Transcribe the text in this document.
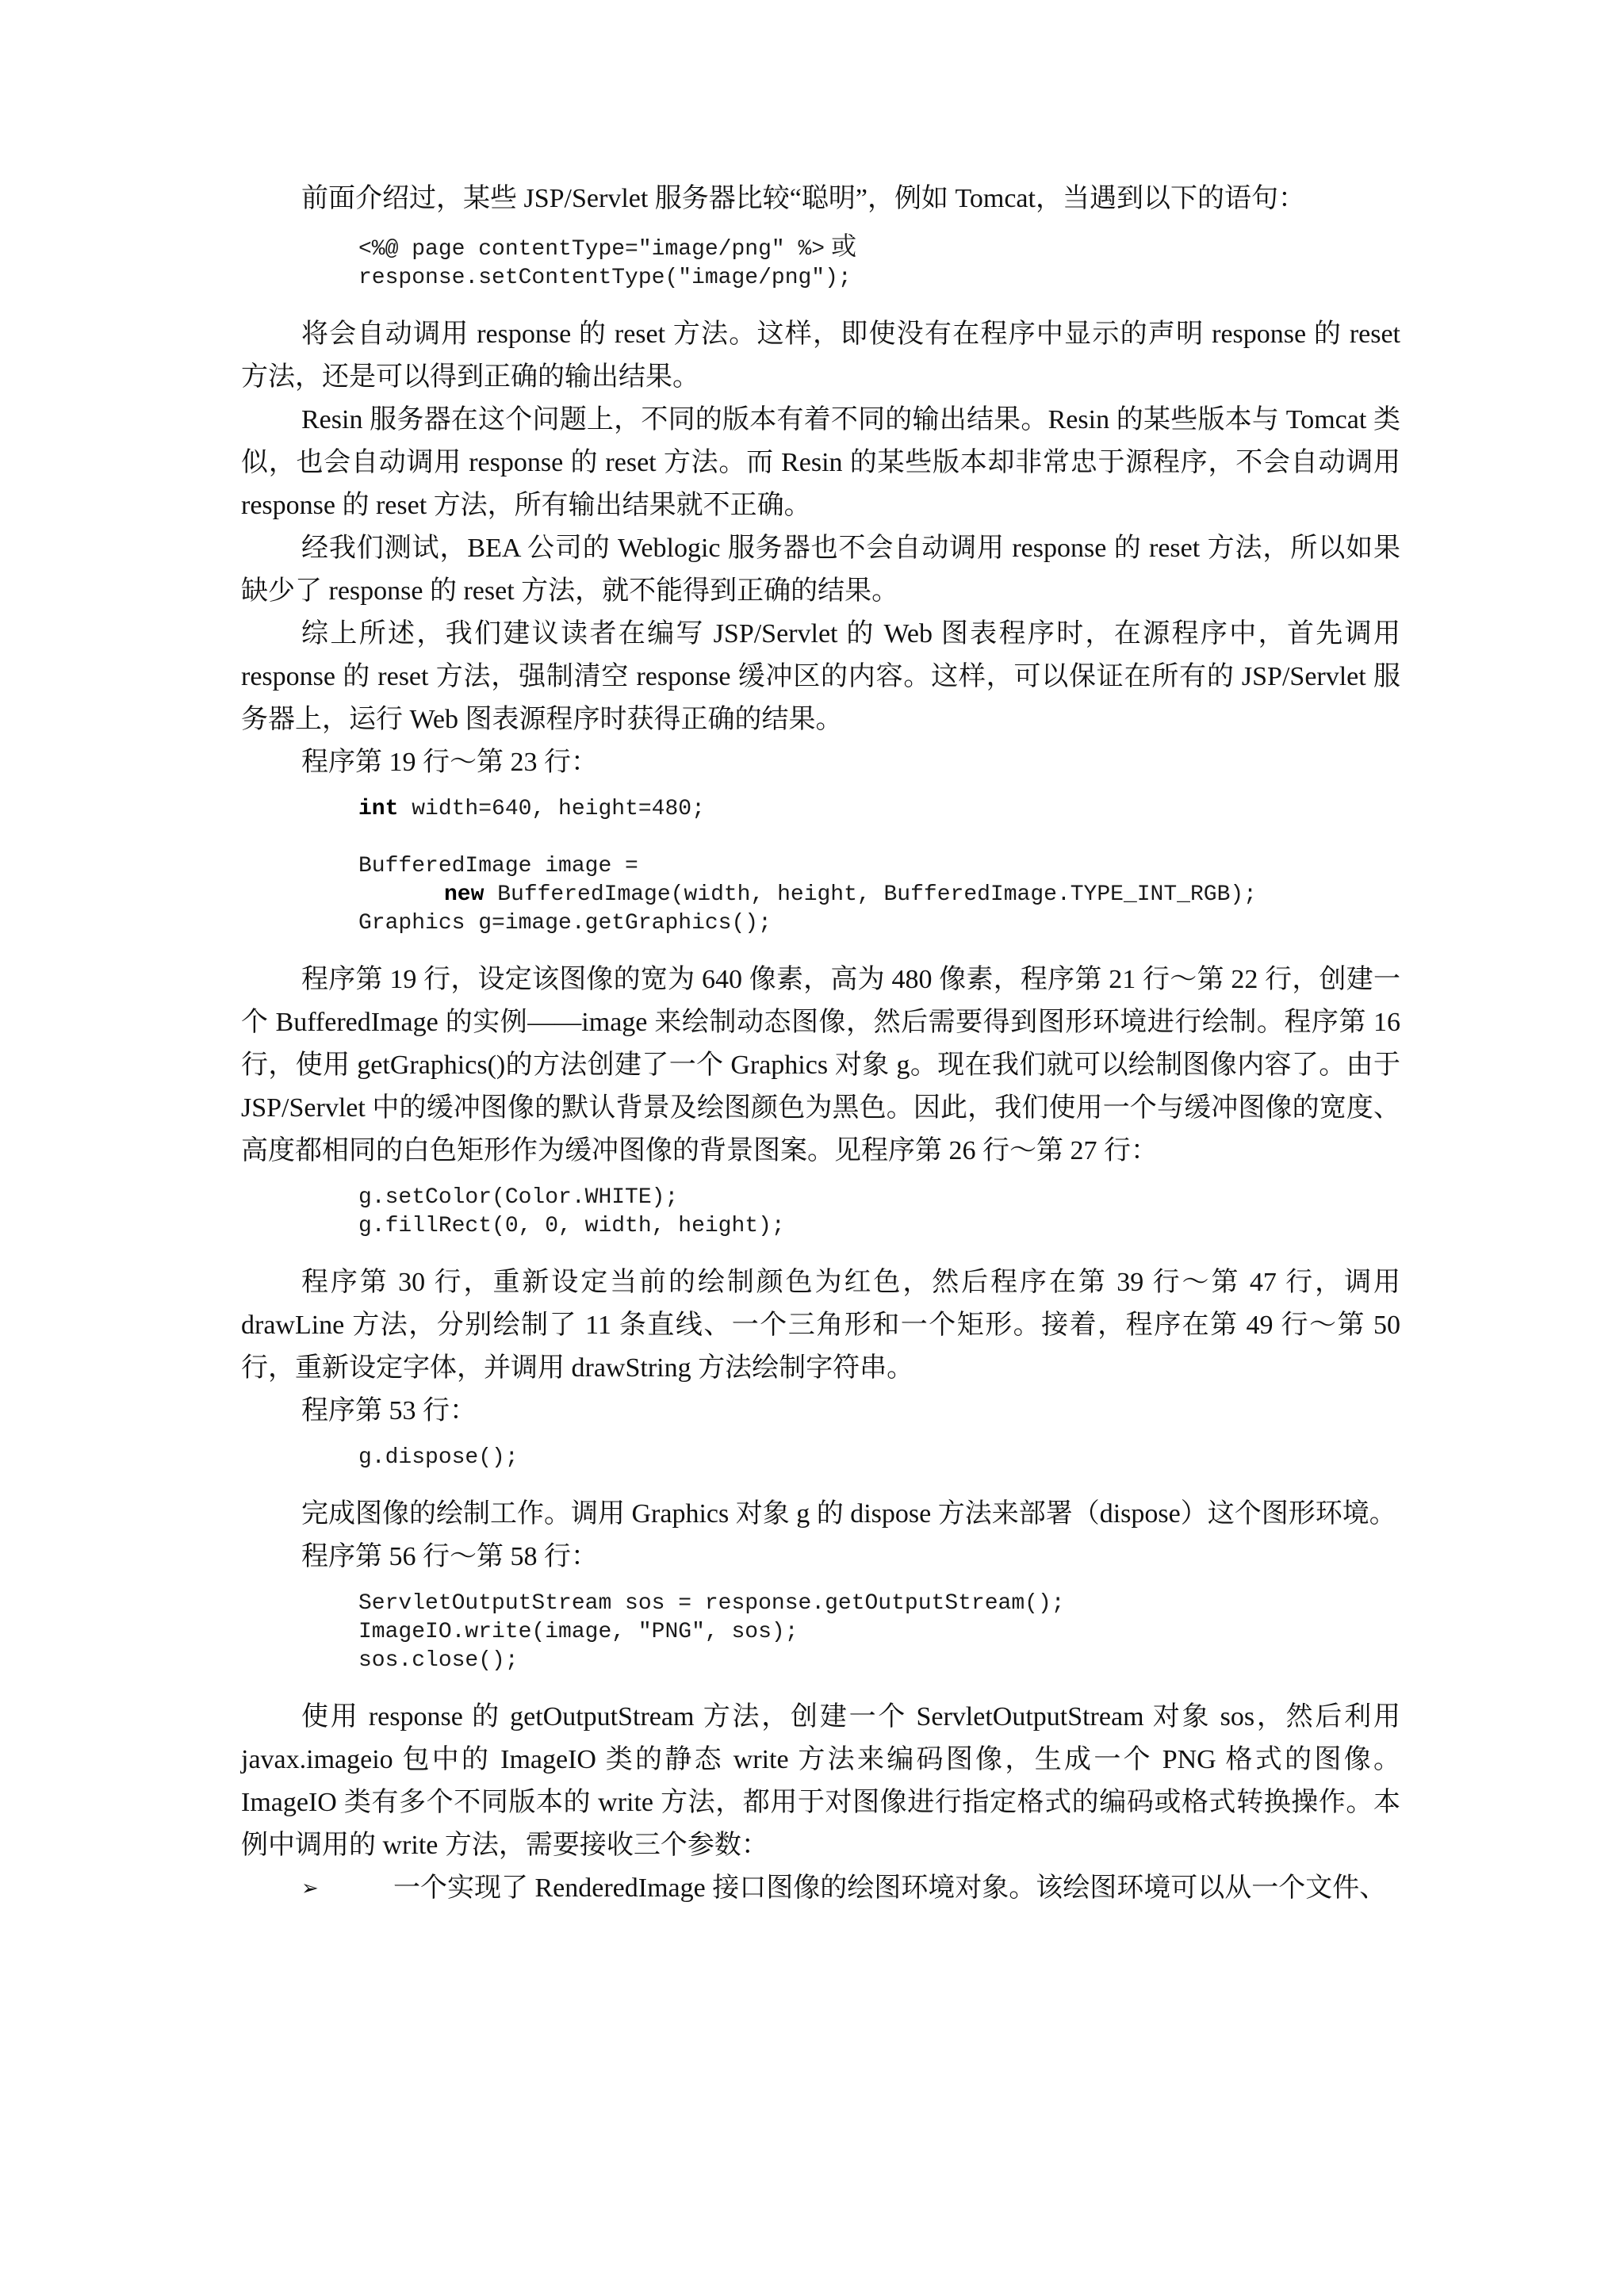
前面介绍过，某些 JSP/Servlet 服务器比较“聪明”，例如 Tomcat，当遇到以下的语句：

<%@ page contentType="image/png" %> 或
response.setContentType("image/png");

将会自动调用 response 的 reset 方法。这样，即使没有在程序中显示的声明 response 的 reset 方法，还是可以得到正确的输出结果。

Resin 服务器在这个问题上，不同的版本有着不同的输出结果。Resin 的某些版本与 Tomcat 类似，也会自动调用 response 的 reset 方法。而 Resin 的某些版本却非常忠于源程序，不会自动调用 response 的 reset 方法，所有输出结果就不正确。

经我们测试，BEA 公司的 Weblogic 服务器也不会自动调用 response 的 reset 方法，所以如果缺少了 response 的 reset 方法，就不能得到正确的结果。

综上所述，我们建议读者在编写 JSP/Servlet 的 Web 图表程序时，在源程序中，首先调用 response 的 reset 方法，强制清空 response 缓冲区的内容。这样，可以保证在所有的 JSP/Servlet 服务器上，运行 Web 图表源程序时获得正确的结果。

程序第 19 行～第 23 行：

int width=640, height=480;

BufferedImage image =
new BufferedImage(width, height, BufferedImage.TYPE_INT_RGB);
Graphics g=image.getGraphics();

程序第 19 行，设定该图像的宽为 640 像素，高为 480 像素，程序第 21 行～第 22 行，创建一个 BufferedImage 的实例——image 来绘制动态图像，然后需要得到图形环境进行绘制。程序第 16 行，使用 getGraphics()的方法创建了一个 Graphics 对象 g。现在我们就可以绘制图像内容了。由于 JSP/Servlet 中的缓冲图像的默认背景及绘图颜色为黑色。因此，我们使用一个与缓冲图像的宽度、高度都相同的白色矩形作为缓冲图像的背景图案。见程序第 26 行～第 27 行：

g.setColor(Color.WHITE);
g.fillRect(0, 0, width, height);

程序第 30 行，重新设定当前的绘制颜色为红色，然后程序在第 39 行～第 47 行，调用 drawLine 方法，分别绘制了 11 条直线、一个三角形和一个矩形。接着，程序在第 49 行～第 50 行，重新设定字体，并调用 drawString 方法绘制字符串。

程序第 53 行：

g.dispose();

完成图像的绘制工作。调用 Graphics 对象 g 的 dispose 方法来部署（dispose）这个图形环境。

程序第 56 行～第 58 行：

ServletOutputStream sos = response.getOutputStream();
ImageIO.write(image, "PNG", sos);
sos.close();

使用 response 的 getOutputStream 方法，创建一个 ServletOutputStream 对象 sos，然后利用 javax.imageio 包中的 ImageIO 类的静态 write 方法来编码图像，生成一个 PNG 格式的图像。ImageIO 类有多个不同版本的 write 方法，都用于对图像进行指定格式的编码或格式转换操作。本例中调用的 write 方法，需要接收三个参数：

➢	一个实现了 RenderedImage 接口图像的绘图环境对象。该绘图环境可以从一个文件、
